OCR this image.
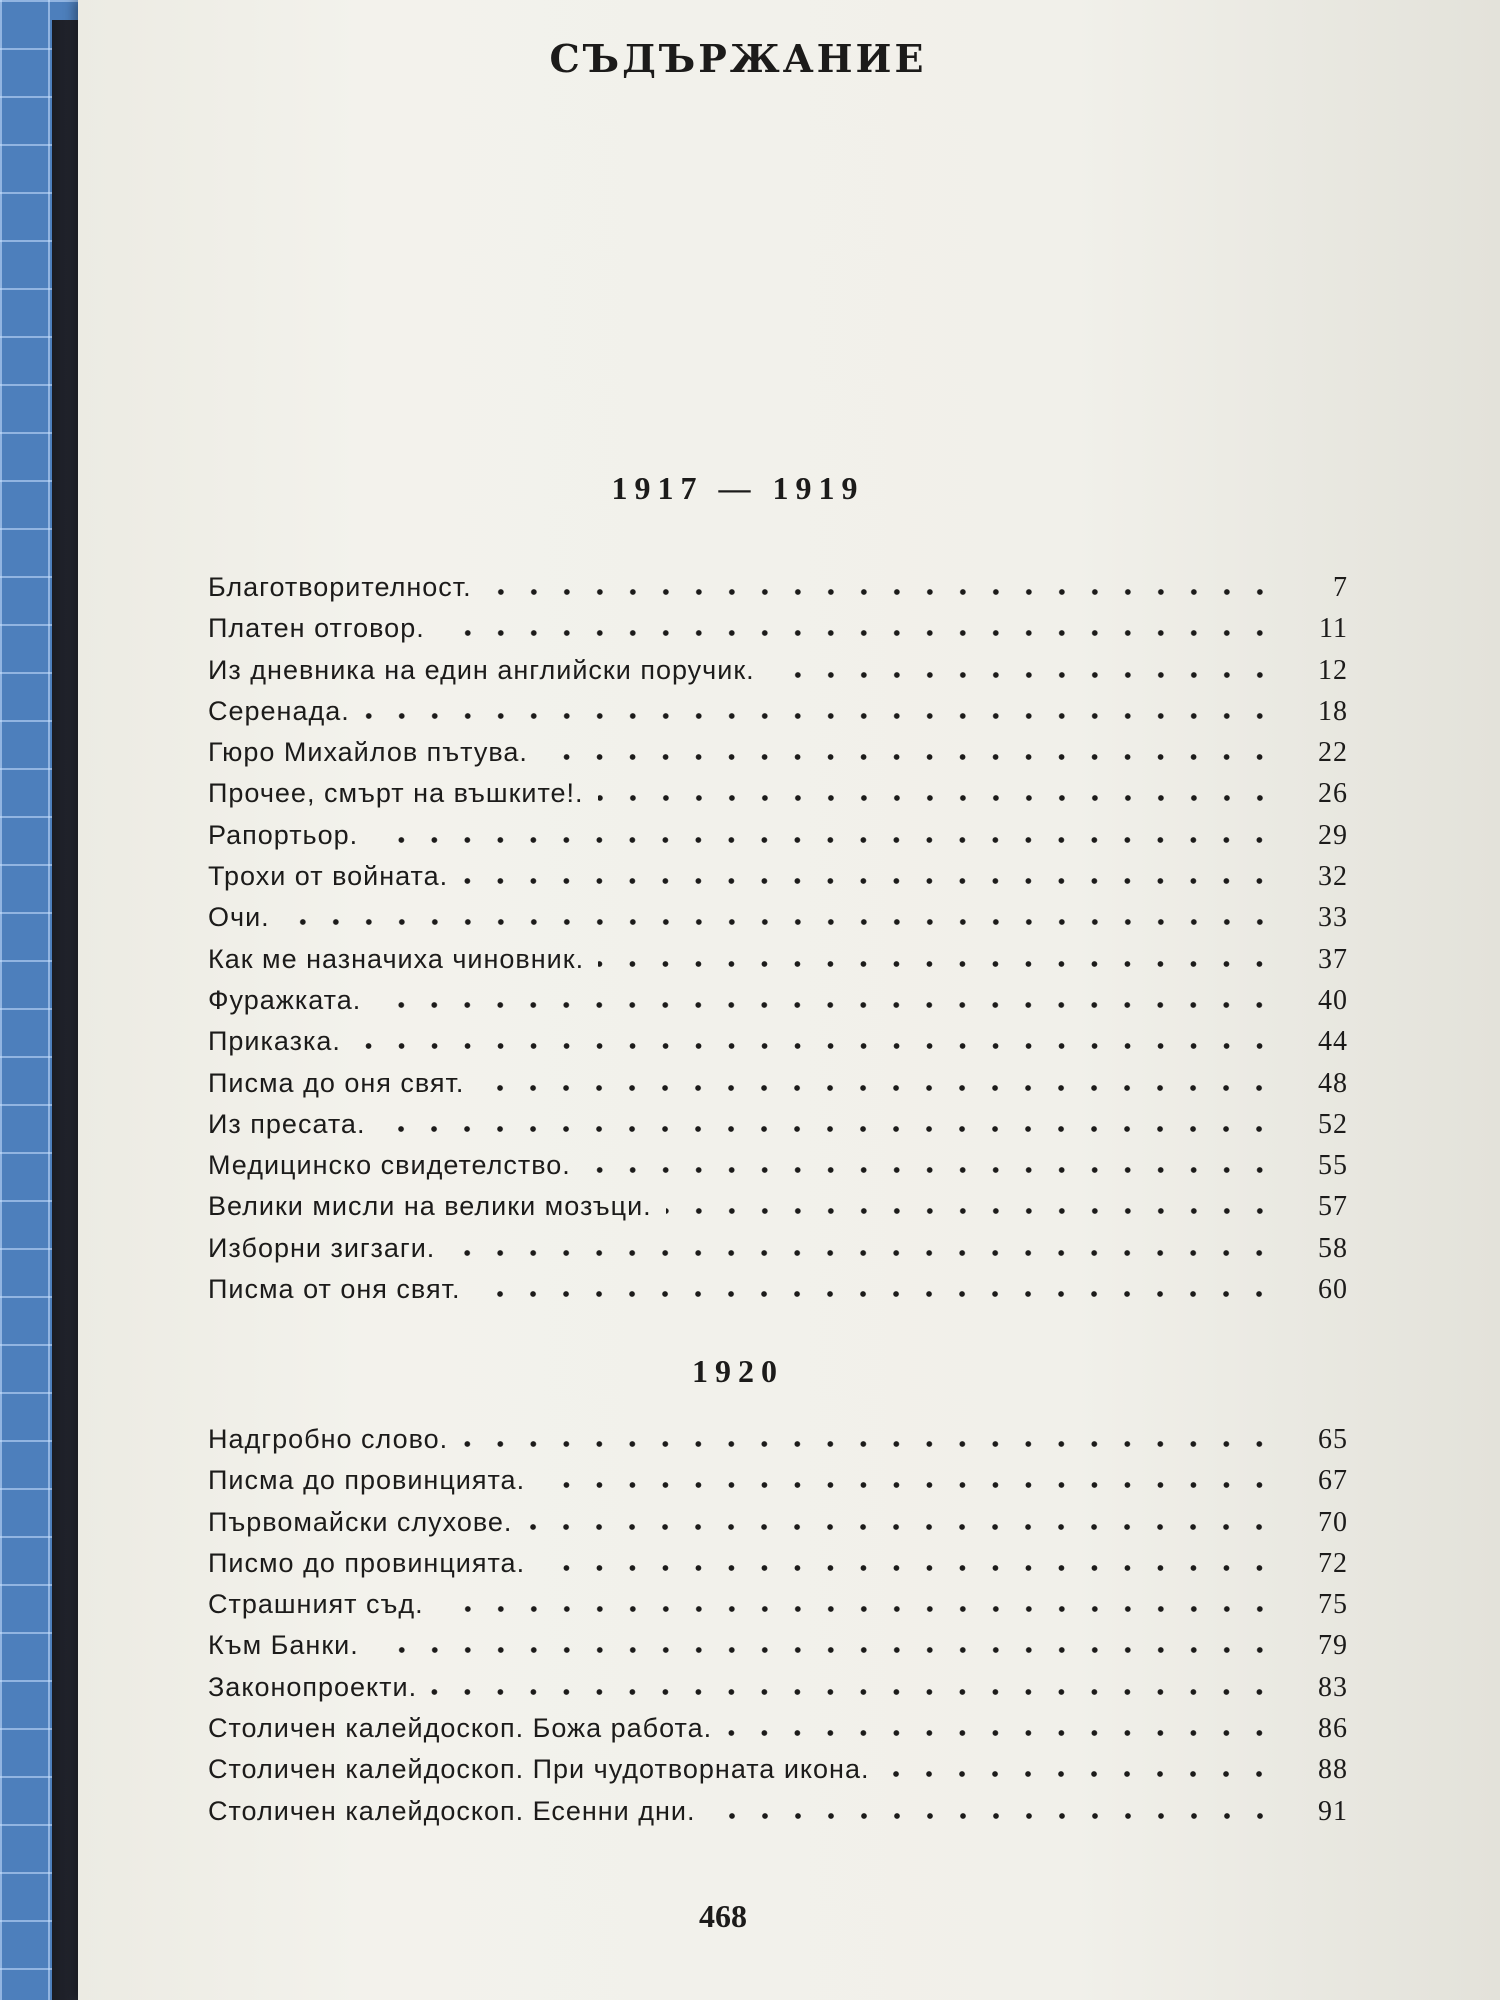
СЪДЪРЖАНИЕ
1917 — 1919
Благотворителност.	7
Платен отговор.	11
Из дневника на един английски поручик.	12
Серенада.	18
Гюро Михайлов пътува.	22
Прочее, смърт на въшките!.	26
Рапортьор.	29
Трохи от войната.	32
Очи.	33
Как ме назначиха чиновник.	37
Фуражката.	40
Приказка.	44
Писма до оня свят.	48
Из пресата.	52
Медицинско свидетелство.	55
Велики мисли на велики мозъци.	57
Изборни зигзаги.	58
Писма от оня свят.	60
1920
Надгробно слово.	65
Писма до провинцията.	67
Първомайски слухове.	70
Писмо до провинцията.	72
Страшният съд.	75
Към Банки.	79
Законопроекти.	83
Столичен калейдоскоп. Божа работа.	86
Столичен калейдоскоп. При чудотворната икона.	88
Столичен калейдоскоп. Есенни дни.	91
468
